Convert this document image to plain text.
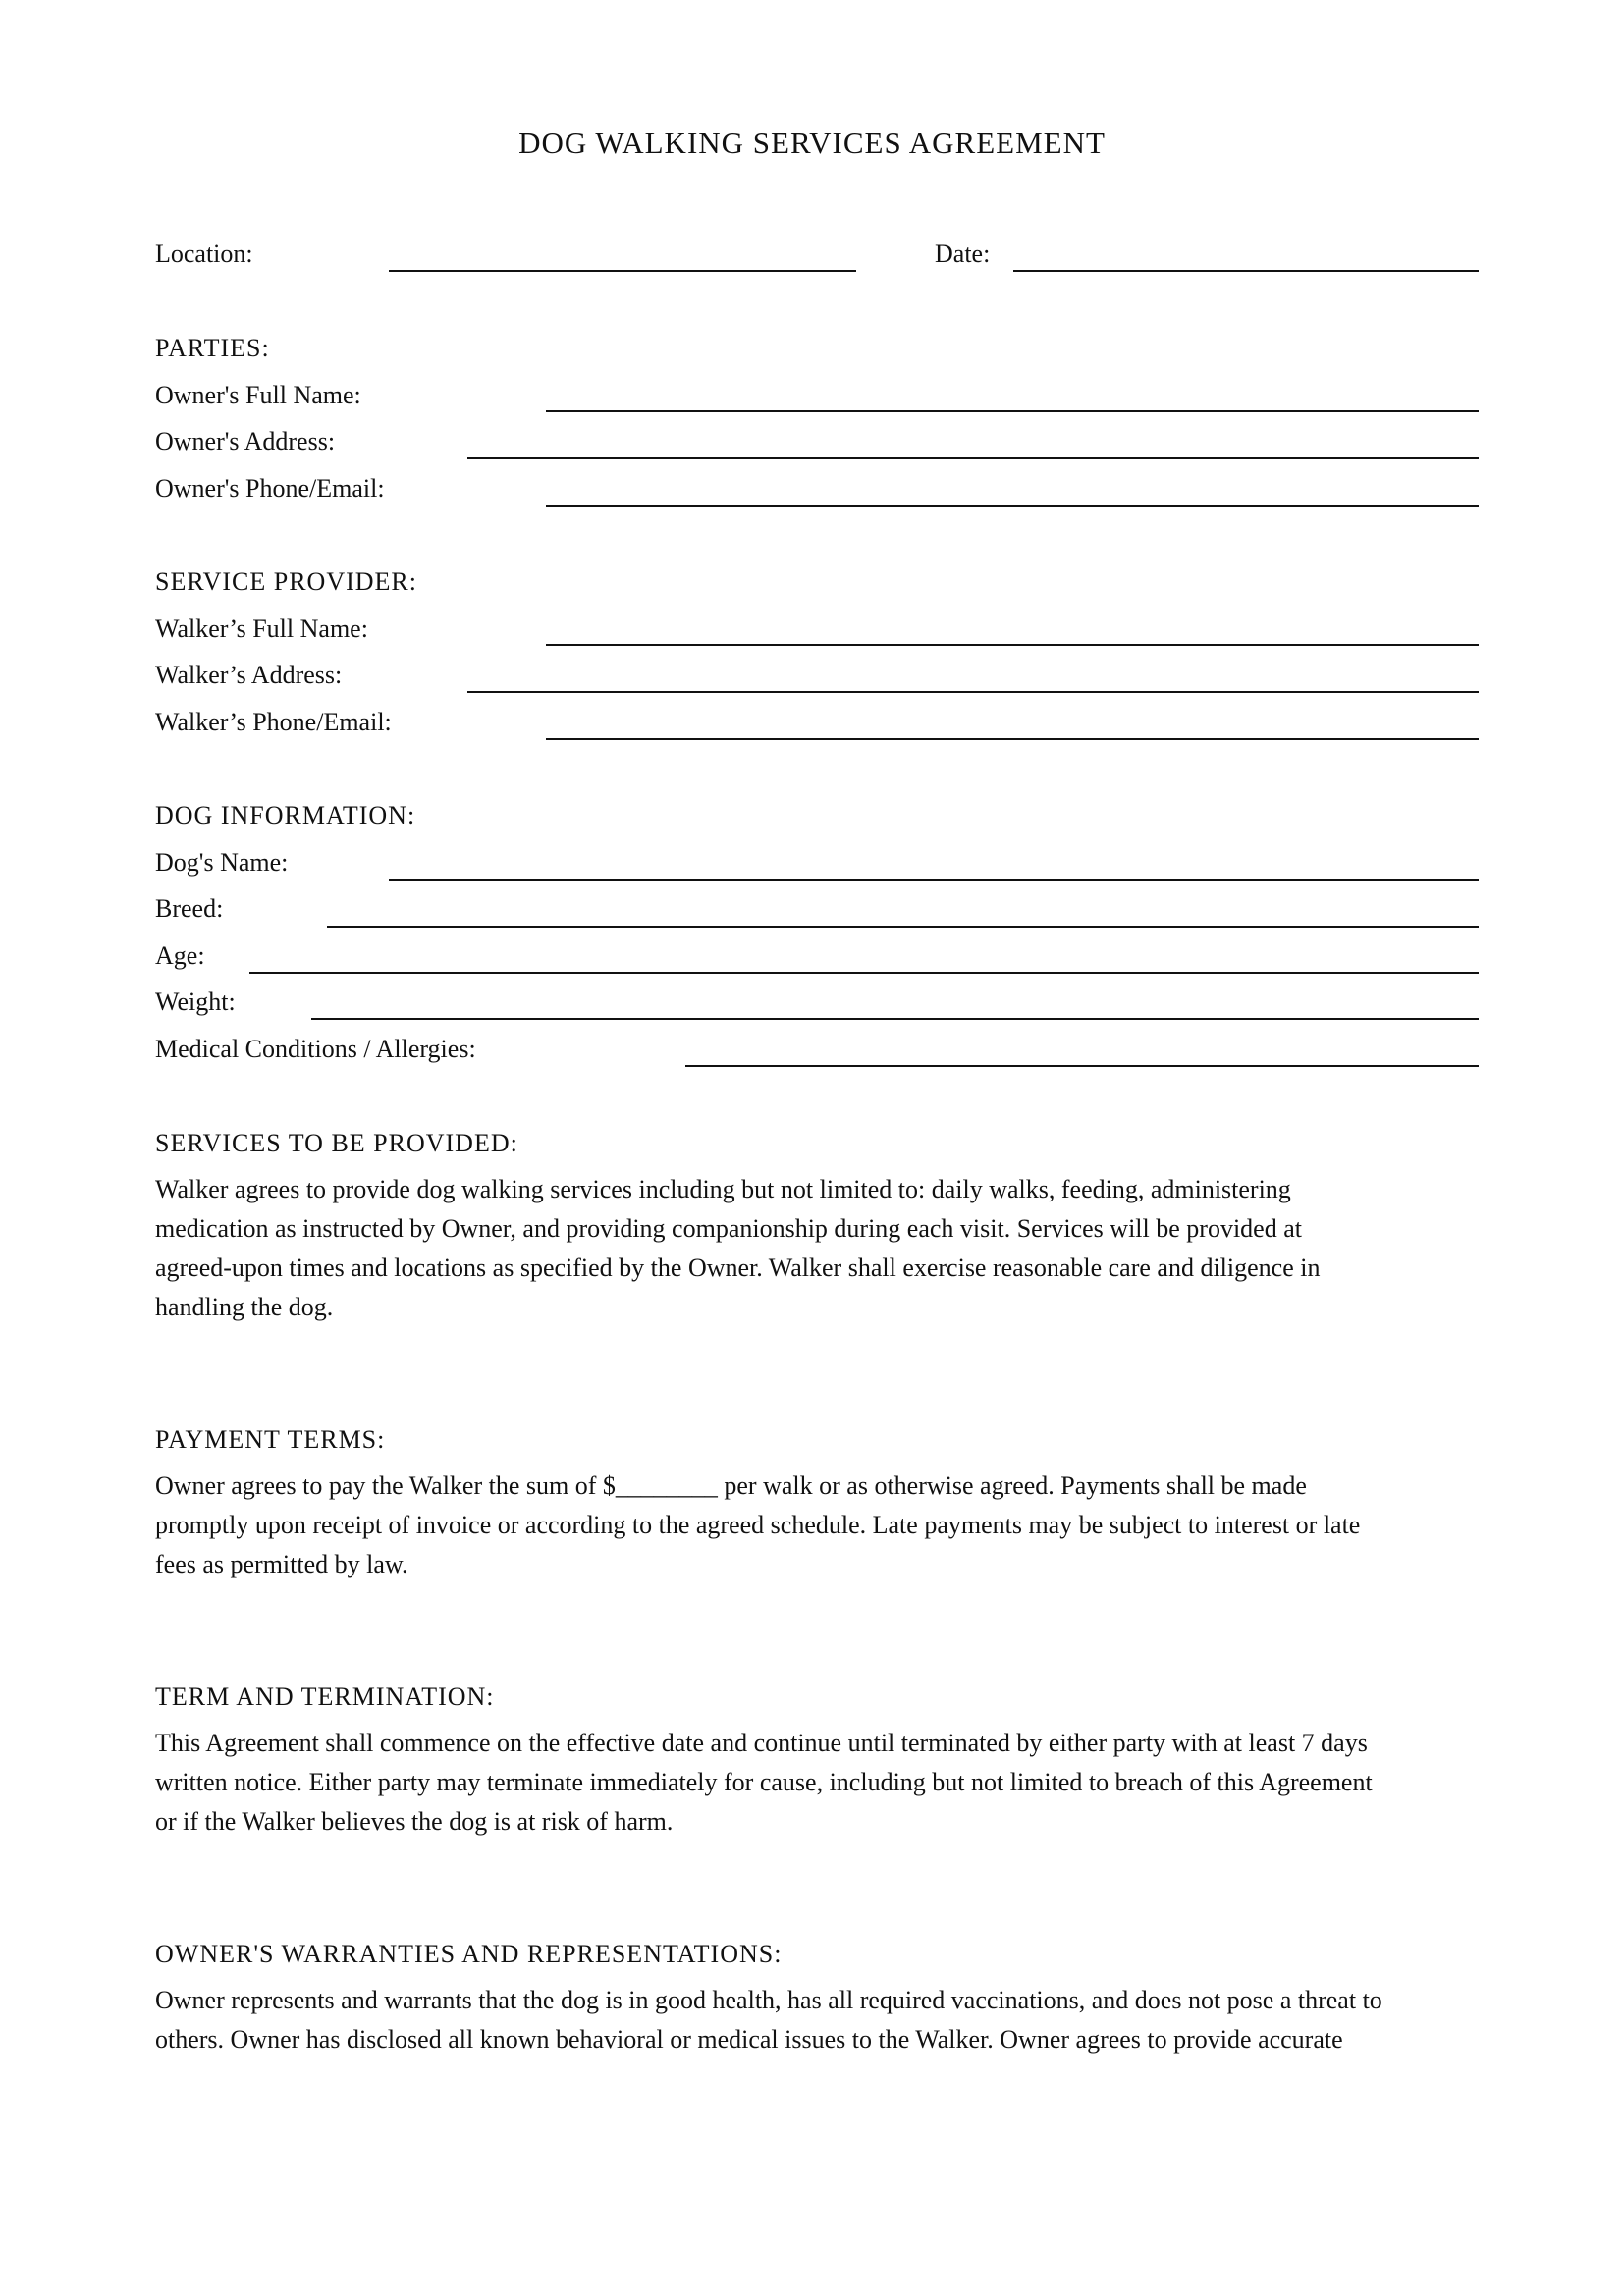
DOG WALKING SERVICES AGREEMENT
Location:	Date:
PARTIES:
Owner's Full Name:
Owner's Address:
Owner's Phone/Email:
SERVICE PROVIDER:
Walker’s Full Name:
Walker’s Address:
Walker’s Phone/Email:
DOG INFORMATION:
Dog's Name:
Breed:
Age:
Weight:
Medical Conditions / Allergies:
SERVICES TO BE PROVIDED:
Walker agrees to provide dog walking services including but not limited to: daily walks, feeding, administering
medication as instructed by Owner, and providing companionship during each visit. Services will be provided at
agreed-upon times and locations as specified by the Owner. Walker shall exercise reasonable care and diligence in
handling the dog.
PAYMENT TERMS:
Owner agrees to pay the Walker the sum of $________ per walk or as otherwise agreed. Payments shall be made
promptly upon receipt of invoice or according to the agreed schedule. Late payments may be subject to interest or late
fees as permitted by law.
TERM AND TERMINATION:
This Agreement shall commence on the effective date and continue until terminated by either party with at least 7 days
written notice. Either party may terminate immediately for cause, including but not limited to breach of this Agreement
or if the Walker believes the dog is at risk of harm.
OWNER'S WARRANTIES AND REPRESENTATIONS:
Owner represents and warrants that the dog is in good health, has all required vaccinations, and does not pose a threat to
others. Owner has disclosed all known behavioral or medical issues to the Walker. Owner agrees to provide accurate
